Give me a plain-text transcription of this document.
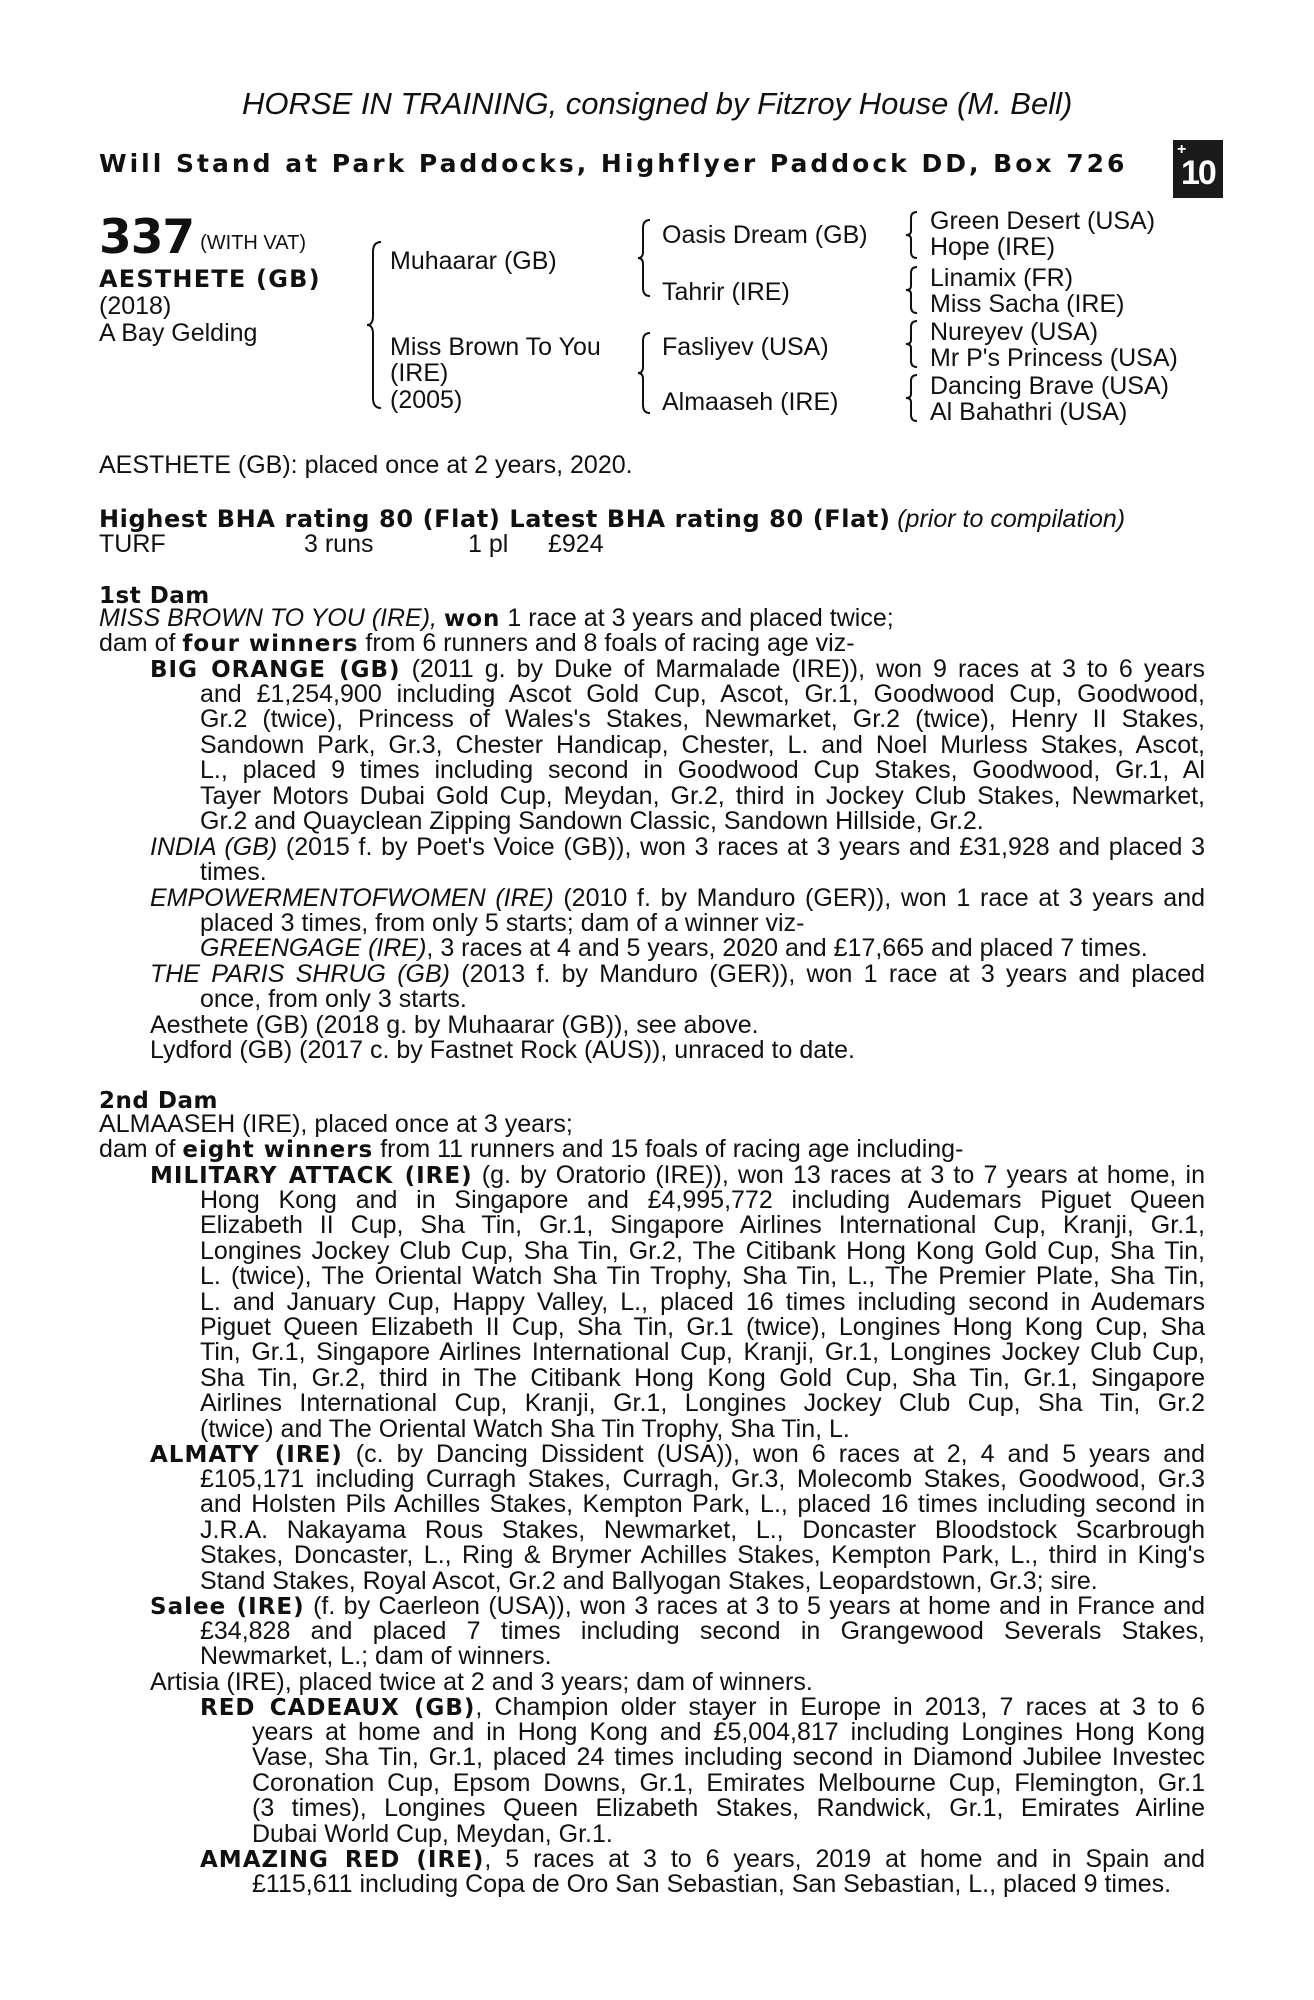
HORSE IN TRAINING, consigned by Fitzroy House (M. Bell)
Will Stand at Park Paddocks, Highflyer Paddock DD, Box 726	+
10
337 (WITH VAT)
AESTHETE (GB)
(2018)
A Bay Gelding
Muhaarar (GB)
Miss Brown To You
(IRE)
(2005)
Oasis Dream (GB)
Tahrir (IRE)
Fasliyev (USA)
Almaaseh (IRE)
Green Desert (USA)
Hope (IRE)
Linamix (FR)
Miss Sacha (IRE)
Nureyev (USA)
Mr P's Princess (USA)
Dancing Brave (USA)
Al Bahathri (USA)
AESTHETE (GB): placed once at 2 years, 2020.
Highest BHA rating 80 (Flat) Latest BHA rating 80 (Flat) (prior to compilation)
TURF	3 runs	1 pl £924
1st Dam
MISS BROWN TO YOU (IRE), won 1 race at 3 years and placed twice;
dam of four winners from 6 runners and 8 foals of racing age viz-
BIG ORANGE (GB) (2011 g. by Duke of Marmalade (IRE)), won 9 races at 3 to 6 years
and £1,254,900 including Ascot Gold Cup, Ascot, Gr.1, Goodwood Cup, Goodwood,
Gr.2 (twice), Princess of Wales's Stakes, Newmarket, Gr.2 (twice), Henry II Stakes,
Sandown Park, Gr.3, Chester Handicap, Chester, L. and Noel Murless Stakes, Ascot,
L., placed 9 times including second in Goodwood Cup Stakes, Goodwood, Gr.1, Al
Tayer Motors Dubai Gold Cup, Meydan, Gr.2, third in Jockey Club Stakes, Newmarket,
Gr.2 and Quayclean Zipping Sandown Classic, Sandown Hillside, Gr.2.
INDIA (GB) (2015 f. by Poet's Voice (GB)), won 3 races at 3 years and £31,928 and placed 3
times.
EMPOWERMENTOFWOMEN (IRE) (2010 f. by Manduro (GER)), won 1 race at 3 years and
placed 3 times, from only 5 starts; dam of a winner viz-
GREENGAGE (IRE), 3 races at 4 and 5 years, 2020 and £17,665 and placed 7 times.
THE PARIS SHRUG (GB) (2013 f. by Manduro (GER)), won 1 race at 3 years and placed
once, from only 3 starts.
Aesthete (GB) (2018 g. by Muhaarar (GB)), see above.
Lydford (GB) (2017 c. by Fastnet Rock (AUS)), unraced to date.
2nd Dam
ALMAASEH (IRE), placed once at 3 years;
dam of eight winners from 11 runners and 15 foals of racing age including-
MILITARY ATTACK (IRE) (g. by Oratorio (IRE)), won 13 races at 3 to 7 years at home, in
Hong Kong and in Singapore and £4,995,772 including Audemars Piguet Queen
Elizabeth II Cup, Sha Tin, Gr.1, Singapore Airlines International Cup, Kranji, Gr.1,
Longines Jockey Club Cup, Sha Tin, Gr.2, The Citibank Hong Kong Gold Cup, Sha Tin,
L. (twice), The Oriental Watch Sha Tin Trophy, Sha Tin, L., The Premier Plate, Sha Tin,
L. and January Cup, Happy Valley, L., placed 16 times including second in Audemars
Piguet Queen Elizabeth II Cup, Sha Tin, Gr.1 (twice), Longines Hong Kong Cup, Sha
Tin, Gr.1, Singapore Airlines International Cup, Kranji, Gr.1, Longines Jockey Club Cup,
Sha Tin, Gr.2, third in The Citibank Hong Kong Gold Cup, Sha Tin, Gr.1, Singapore
Airlines International Cup, Kranji, Gr.1, Longines Jockey Club Cup, Sha Tin, Gr.2
(twice) and The Oriental Watch Sha Tin Trophy, Sha Tin, L.
ALMATY (IRE) (c. by Dancing Dissident (USA)), won 6 races at 2, 4 and 5 years and
£105,171 including Curragh Stakes, Curragh, Gr.3, Molecomb Stakes, Goodwood, Gr.3
and Holsten Pils Achilles Stakes, Kempton Park, L., placed 16 times including second in
J.R.A. Nakayama Rous Stakes, Newmarket, L., Doncaster Bloodstock Scarbrough
Stakes, Doncaster, L., Ring & Brymer Achilles Stakes, Kempton Park, L., third in King's
Stand Stakes, Royal Ascot, Gr.2 and Ballyogan Stakes, Leopardstown, Gr.3; sire.
Salee (IRE) (f. by Caerleon (USA)), won 3 races at 3 to 5 years at home and in France and
£34,828 and placed 7 times including second in Grangewood Severals Stakes,
Newmarket, L.; dam of winners.
Artisia (IRE), placed twice at 2 and 3 years; dam of winners.
RED CADEAUX (GB), Champion older stayer in Europe in 2013, 7 races at 3 to 6
years at home and in Hong Kong and £5,004,817 including Longines Hong Kong
Vase, Sha Tin, Gr.1, placed 24 times including second in Diamond Jubilee Investec
Coronation Cup, Epsom Downs, Gr.1, Emirates Melbourne Cup, Flemington, Gr.1
(3 times), Longines Queen Elizabeth Stakes, Randwick, Gr.1, Emirates Airline
Dubai World Cup, Meydan, Gr.1.
AMAZING RED (IRE), 5 races at 3 to 6 years, 2019 at home and in Spain and
£115,611 including Copa de Oro San Sebastian, San Sebastian, L., placed 9 times.
